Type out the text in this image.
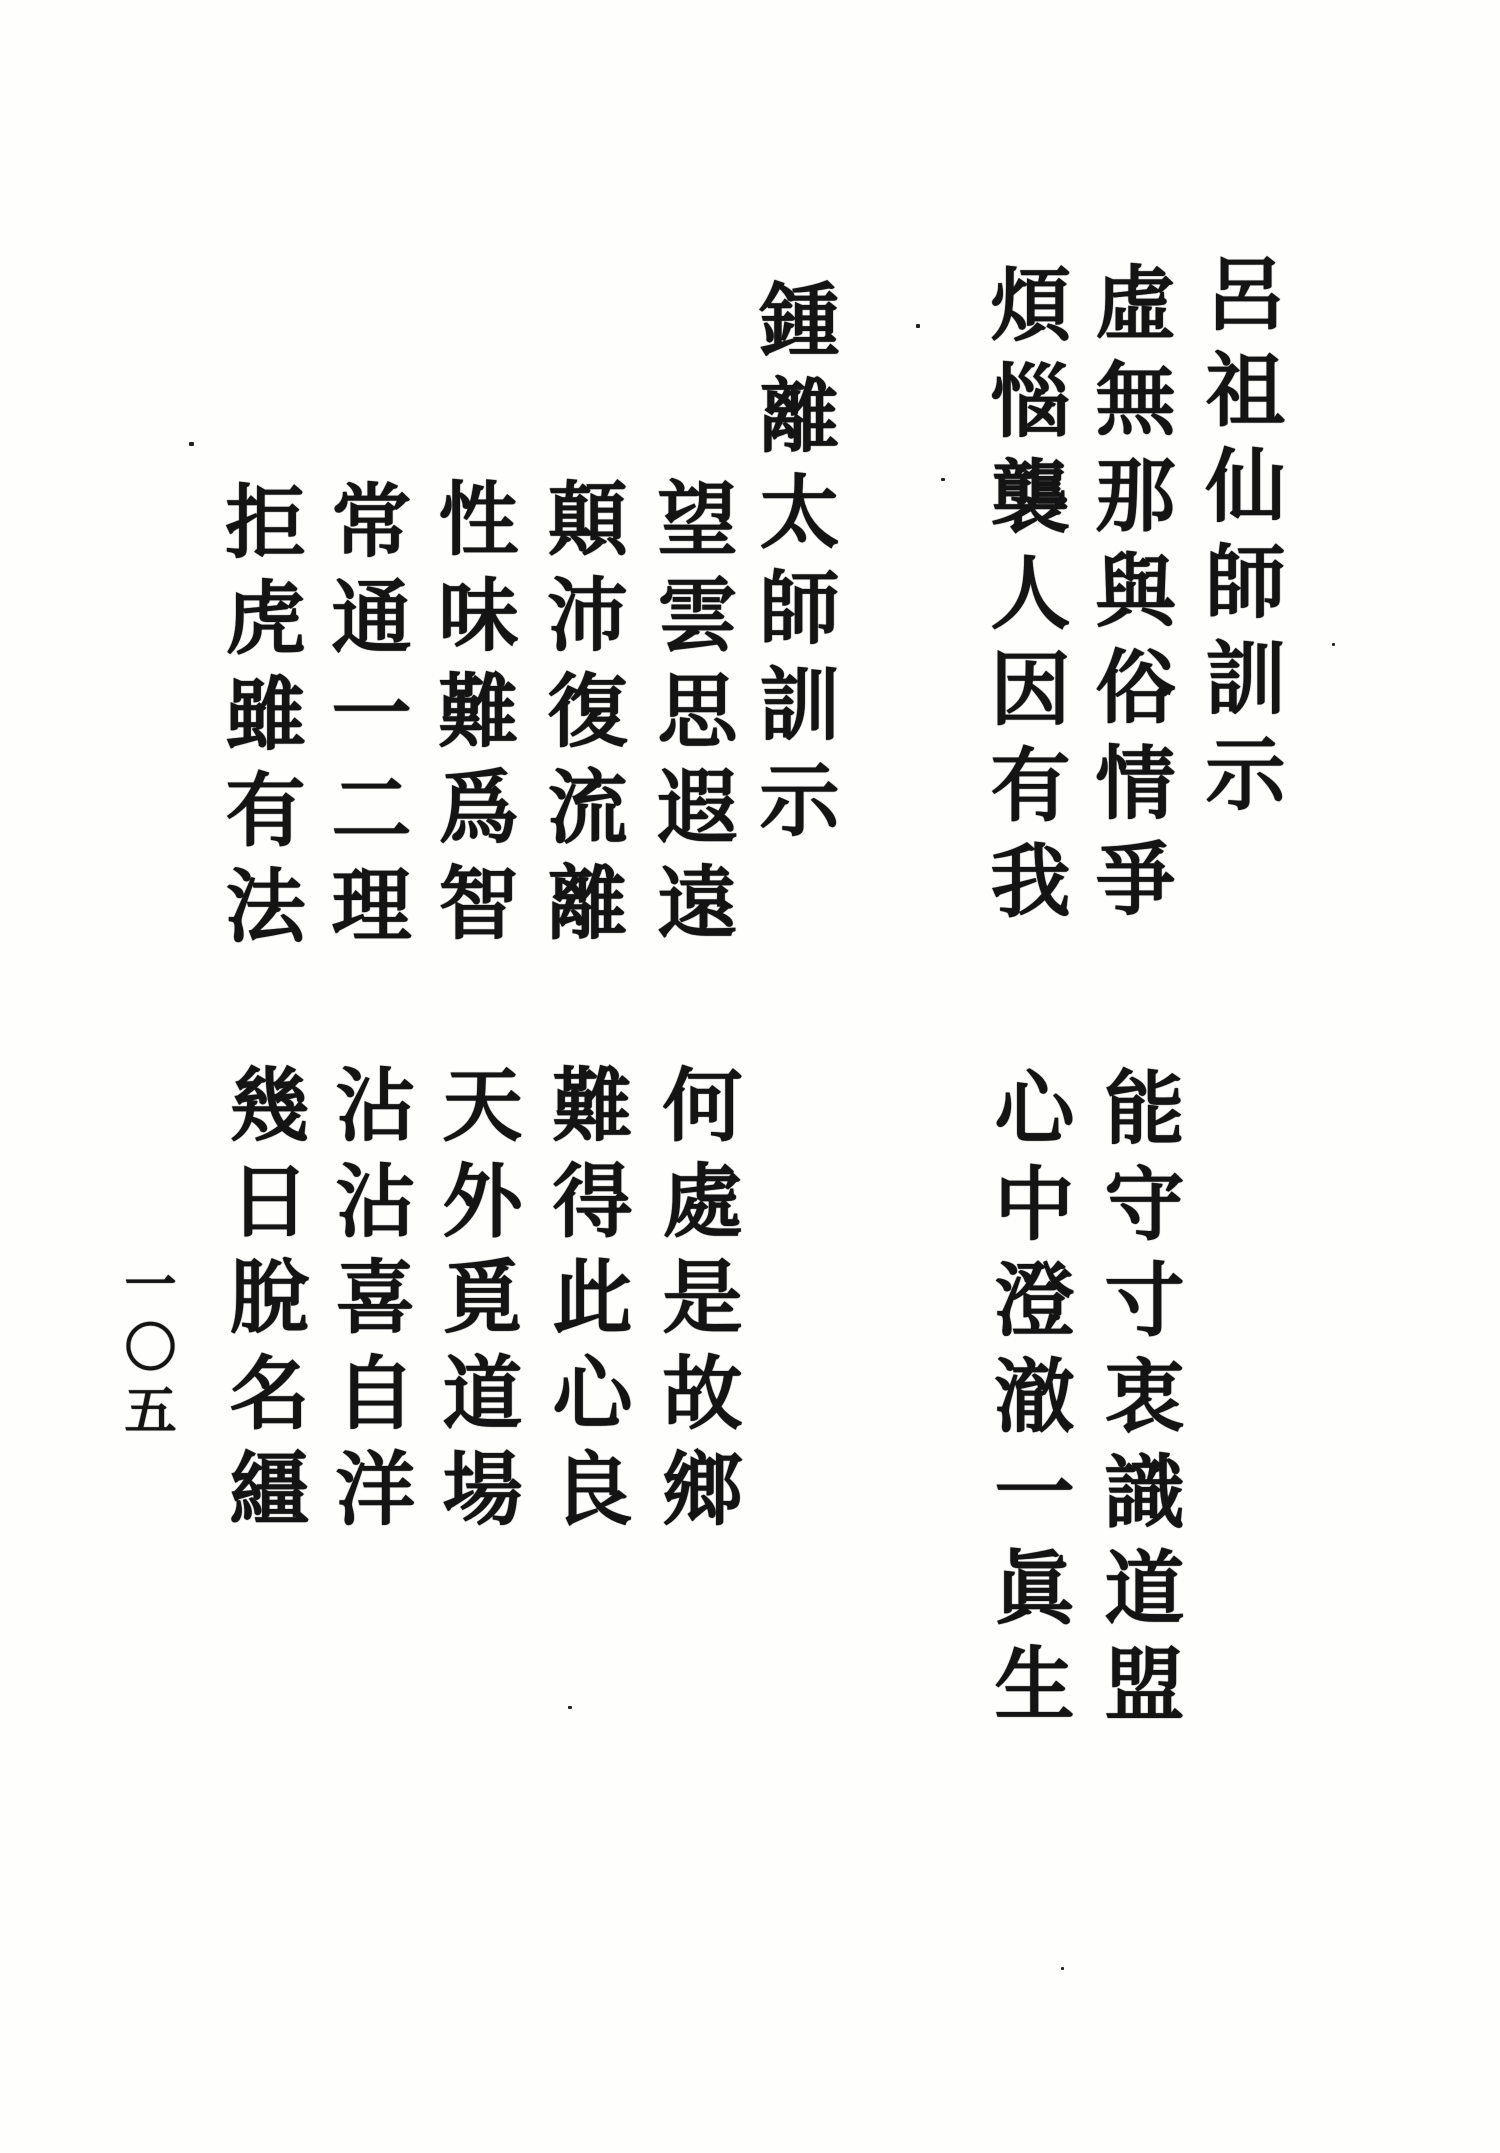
呂祖仙師訓示
虛無那與俗情爭
能守寸衷識道盟
煩惱襲人因有我
心中澄澈一眞生
鍾離太師訓示
望雲思遐遠
何處是故鄉
顛沛復流離
難得此心良
性味難爲智
天外覓道場
常通一二理
沾沾喜自洋
拒虎雖有法
幾日脫名繮
一〇五
